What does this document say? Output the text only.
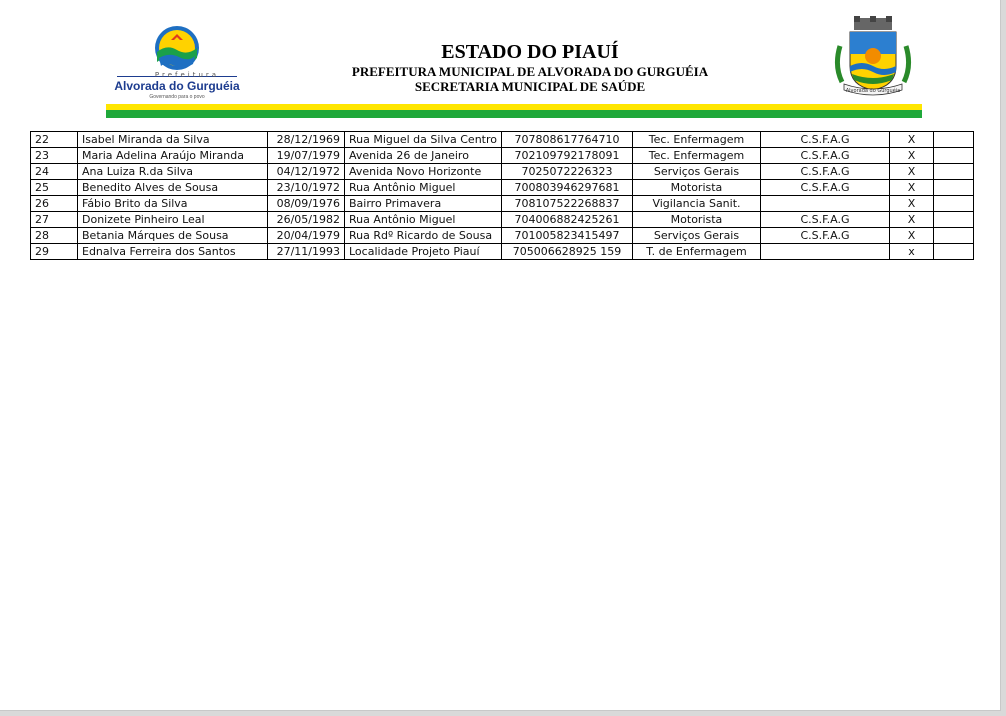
Prefeitura
Alvorada do Gurguéia
Governando para o povo
ESTADO DO PIAUÍ
PREFEITURA MUNICIPAL DE ALVORADA DO GURGUÉIA
SECRETARIA MUNICIPAL DE SAÚDE	Alvorada do Gurguéia
22	Isabel Miranda da Silva	28/12/1969	Rua Miguel da Silva Centro	707808617764710	Tec. Enfermagem	C.S.F.A.G	X	
23	Maria Adelina Araújo Miranda	19/07/1979	Avenida 26 de Janeiro	702109792178091	Tec. Enfermagem	C.S.F.A.G	X	
24	Ana Luiza R.da Silva	04/12/1972	Avenida Novo Horizonte	7025072226323	Serviços Gerais	C.S.F.A.G	X	
25	Benedito Alves de Sousa	23/10/1972	Rua Antônio Miguel	700803946297681	Motorista	C.S.F.A.G	X	
26	Fábio Brito da Silva	08/09/1976	Bairro Primavera	708107522268837	Vigilancia Sanit.		X	
27	Donizete Pinheiro Leal	26/05/1982	Rua Antônio Miguel	704006882425261	Motorista	C.S.F.A.G	X	
28	Betania Márques de Sousa	20/04/1979	Rua Rdº Ricardo de Sousa	701005823415497	Serviços Gerais	C.S.F.A.G	X	
29	Ednalva Ferreira dos Santos	27/11/1993	Localidade Projeto Piauí	705006628925 159	T. de Enfermagem		x	
